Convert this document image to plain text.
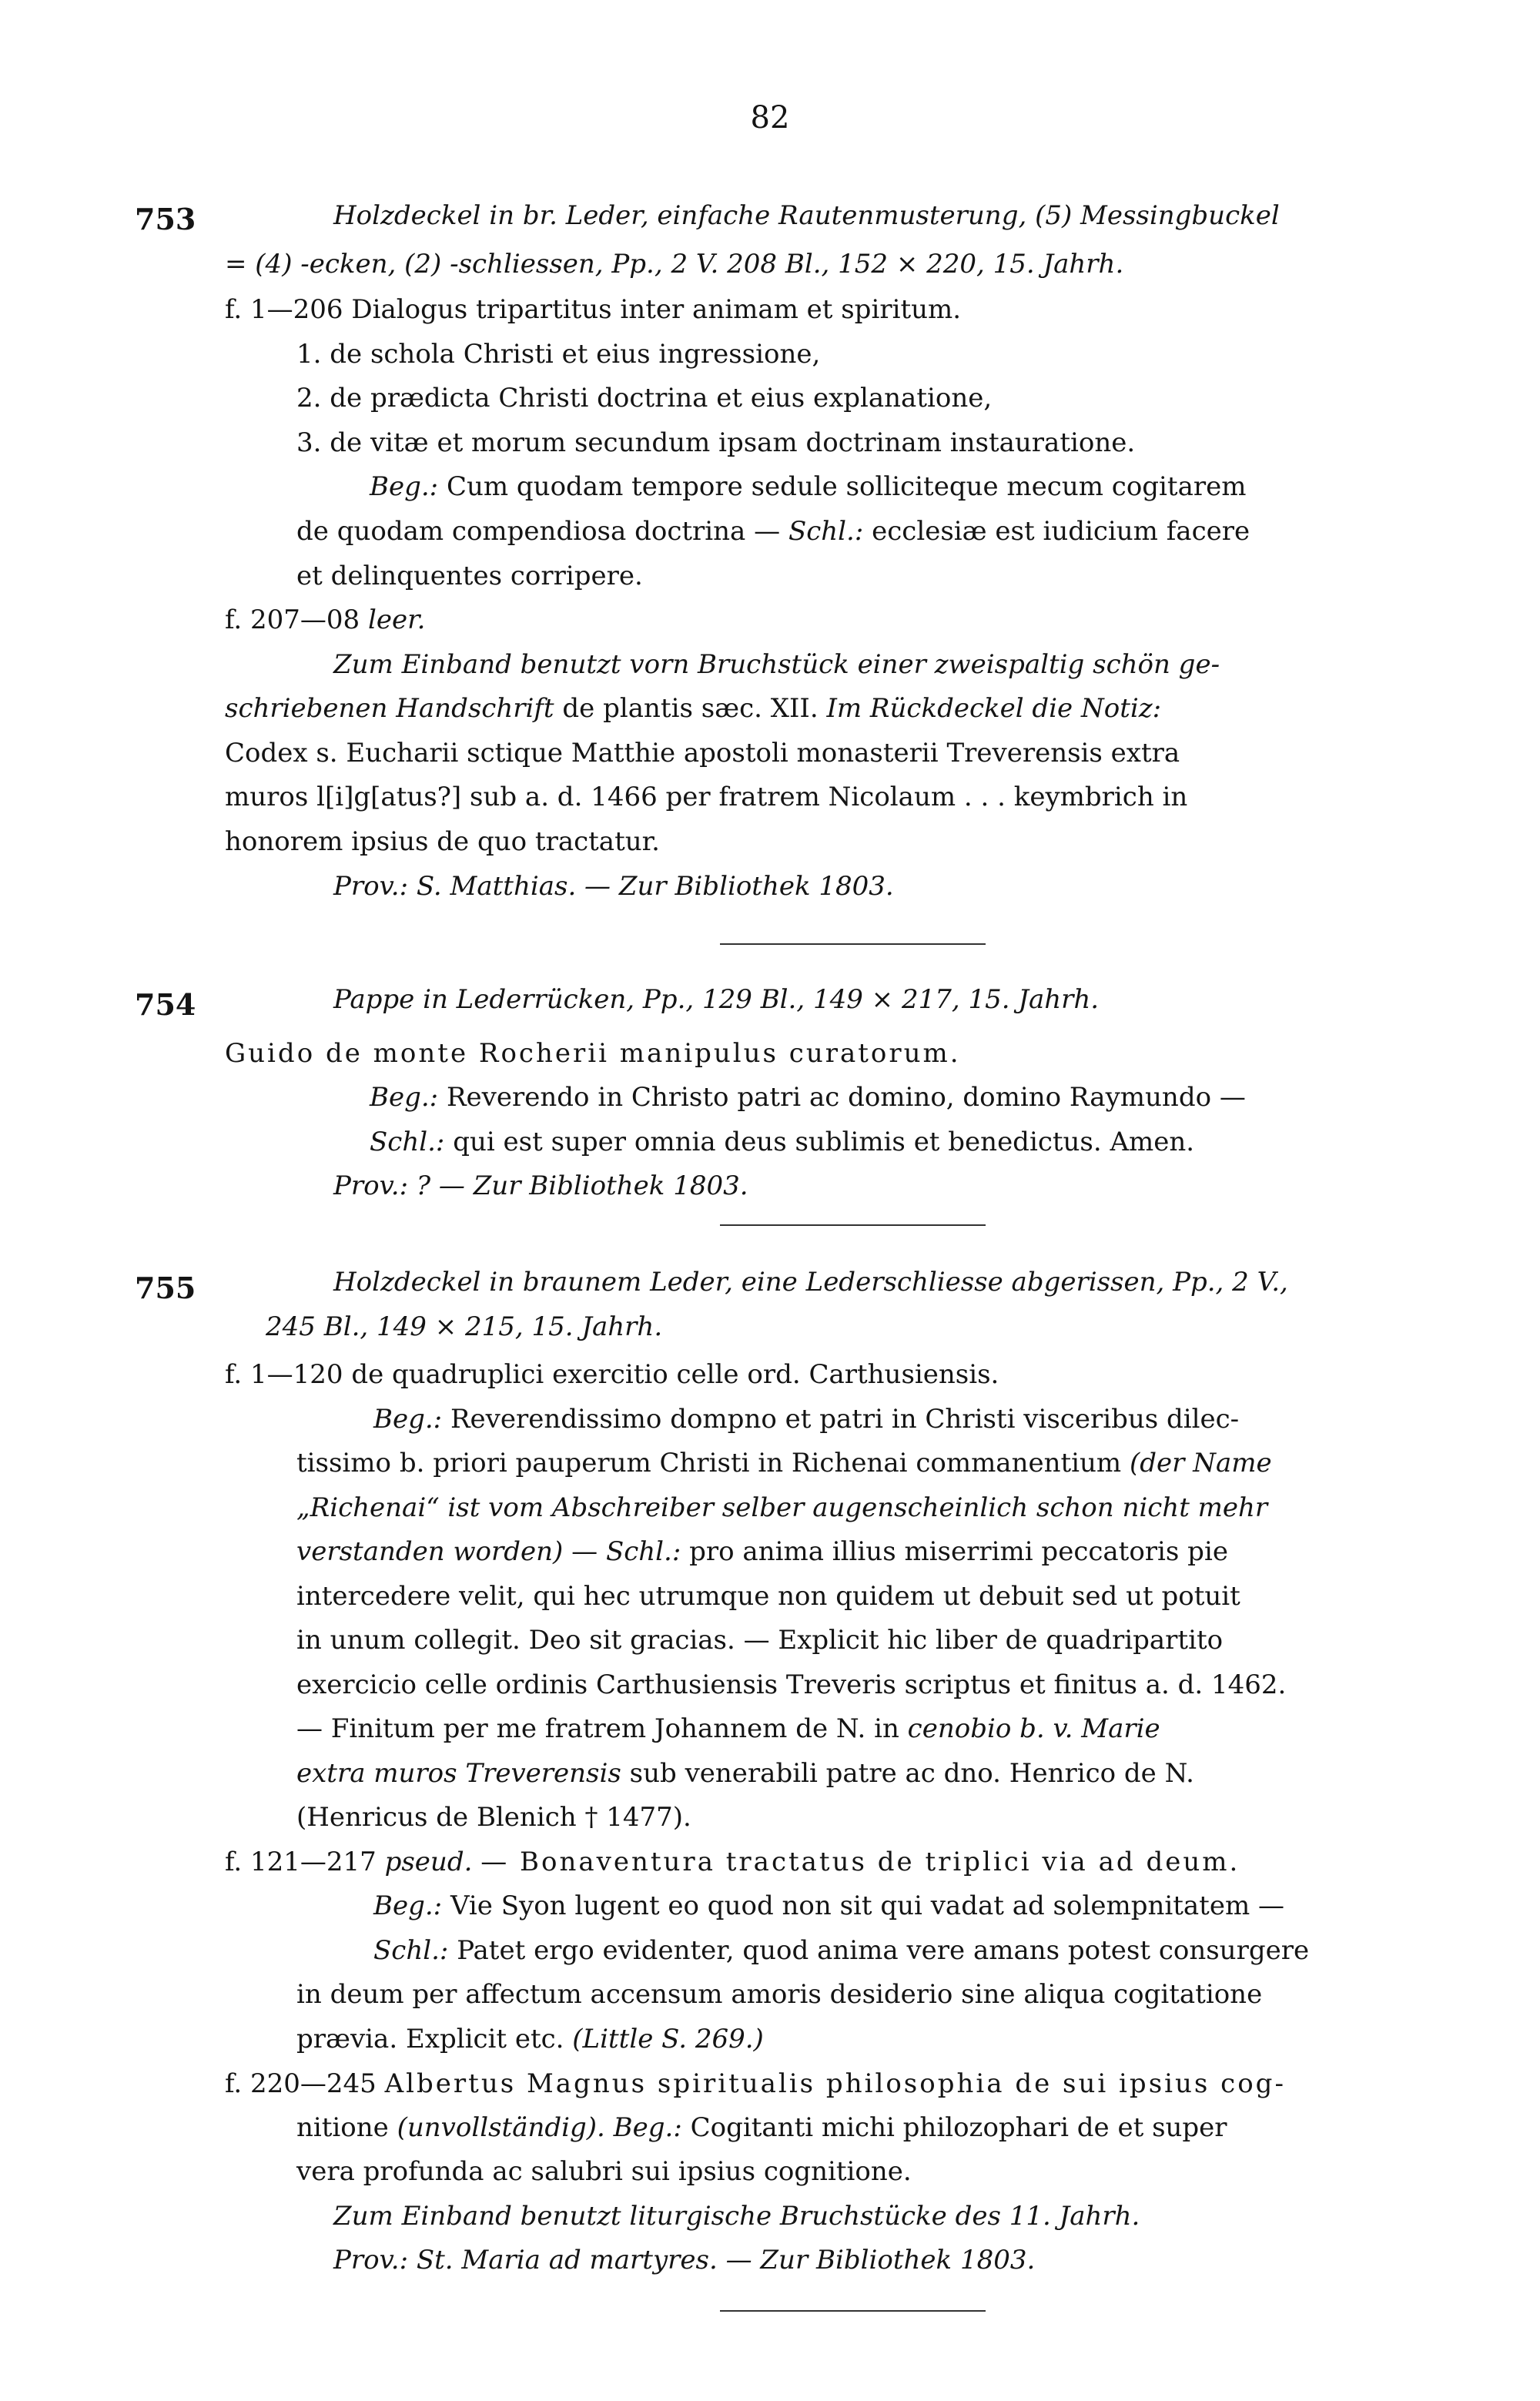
82
753	Holzdeckel in br. Leder, einfache Rautenmusterung, (5) Messingbuckel
= (4) -ecken, (2) -schliessen, Pp., 2 V. 208 Bl., 152 × 220, 15. Jahrh.
f. 1—206 Dialogus tripartitus inter animam et spiritum.
1. de schola Christi et eius ingressione,
2. de prædicta Christi doctrina et eius explanatione,
3. de vitæ et morum secundum ipsam doctrinam instauratione.
Beg.: Cum quodam tempore sedule solliciteque mecum cogitarem
de quodam compendiosa doctrina — Schl.: ecclesiæ est iudicium facere
et delinquentes corripere.
f. 207—08 leer.
Zum Einband benutzt vorn Bruchstück einer zweispaltig schön ge-
schriebenen Handschrift de plantis sæc. XII. Im Rückdeckel die Notiz:
Codex s. Eucharii sctique Matthie apostoli monasterii Treverensis extra
muros l[i]g[atus?] sub a. d. 1466 per fratrem Nicolaum . . . keymbrich in
honorem ipsius de quo tractatur.
Prov.: S. Matthias. — Zur Bibliothek 1803.
754	Pappe in Lederrücken, Pp., 129 Bl., 149 × 217, 15. Jahrh.
Guido de monte Rocherii manipulus curatorum.
Beg.: Reverendo in Christo patri ac domino, domino Raymundo —
Schl.: qui est super omnia deus sublimis et benedictus. Amen.
Prov.: ? — Zur Bibliothek 1803.
755	Holzdeckel in braunem Leder, eine Lederschliesse abgerissen, Pp., 2 V.,
245 Bl., 149 × 215, 15. Jahrh.
f. 1—120 de quadruplici exercitio celle ord. Carthusiensis.
Beg.: Reverendissimo dompno et patri in Christi visceribus dilec-
tissimo b. priori pauperum Christi in Richenai commanentium (der Name
„Richenai“ ist vom Abschreiber selber augenscheinlich schon nicht mehr
verstanden worden) — Schl.: pro anima illius miserrimi peccatoris pie
intercedere velit, qui hec utrumque non quidem ut debuit sed ut potuit
in unum collegit. Deo sit gracias. — Explicit hic liber de quadripartito
exercicio celle ordinis Carthusiensis Treveris scriptus et finitus a. d. 1462.
— Finitum per me fratrem Johannem de N. in cenobio b. v. Marie
extra muros Treverensis sub venerabili patre ac dno. Henrico de N.
(Henricus de Blenich † 1477).
f. 121—217 pseud. — Bonaventura tractatus de triplici via ad deum.
Beg.: Vie Syon lugent eo quod non sit qui vadat ad solempnitatem —
Schl.: Patet ergo evidenter, quod anima vere amans potest consurgere
in deum per affectum accensum amoris desiderio sine aliqua cogitatione
prævia. Explicit etc. (Little S. 269.)
f. 220—245 Albertus Magnus spiritualis philosophia de sui ipsius cog-
nitione (unvollständig). Beg.: Cogitanti michi philozophari de et super
vera profunda ac salubri sui ipsius cognitione.
Zum Einband benutzt liturgische Bruchstücke des 11. Jahrh.
Prov.: St. Maria ad martyres. — Zur Bibliothek 1803.
